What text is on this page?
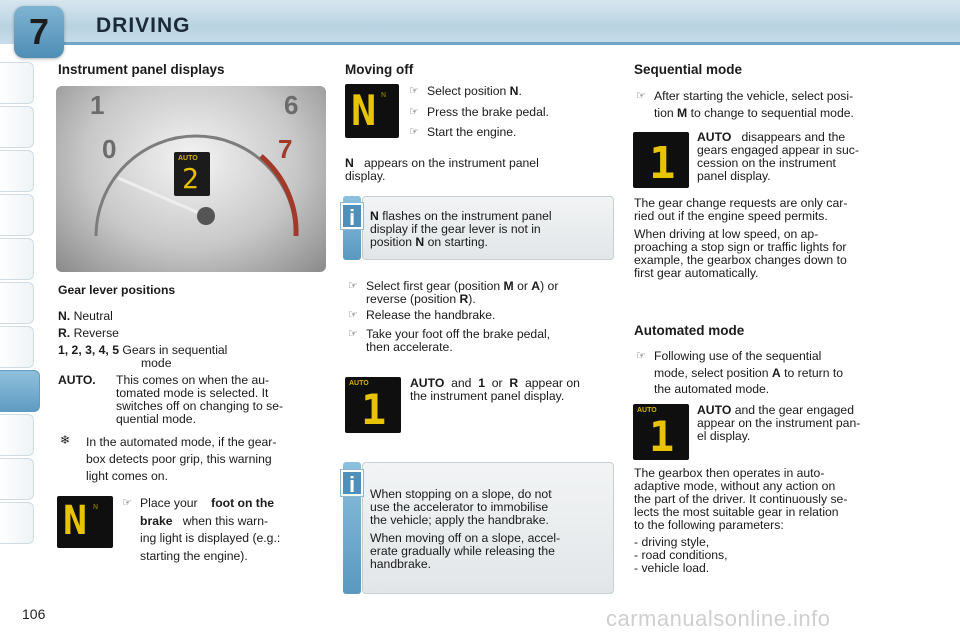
7	DRIVING
Instrument panel displays
1	6
0	7
AUTO
2
Gear lever positions
N. Neutral
R. Reverse
1, 2, 3, 4, 5 Gears in sequential
mode
AUTO. This comes on when the au-
tomated mode is selected. It
switches off on changing to se-
quential mode.
❄ In the automated mode, if the gear-
box detects poor grip, this warning
light comes on.
N N	☞ Place your foot on the
brake when this warn-
ing light is displayed (e.g.:
starting the engine).
Moving off
N N	☞ Select position N.
☞ Press the brake pedal.
☞ Start the engine.
N appears on the instrument panel
display.
i	N flashes on the instrument panel
display if the gear lever is not in
position N on starting.
☞ Select first gear (position M or A) or
reverse (position R).
☞ Release the handbrake.
☞ Take your foot off the brake pedal,
then accelerate.
AUTO
1
AUTO and 1 or R appear on
the instrument panel display.
i	When stopping on a slope, do not
use the accelerator to immobilise
the vehicle; apply the handbrake.
When moving off on a slope, accel-
erate gradually while releasing the
handbrake.
Sequential mode
☞ After starting the vehicle, select posi-
tion M to change to sequential mode.
1
AUTO disappears and the
gears engaged appear in suc-
cession on the instrument
panel display.
The gear change requests are only car-
ried out if the engine speed permits.
When driving at low speed, on ap-
proaching a stop sign or traffic lights for
example, the gearbox changes down to
first gear automatically.
Automated mode
☞ Following use of the sequential
mode, select position A to return to
the automated mode.
AUTO
1
AUTO and the gear engaged
appear on the instrument pan-
el display.
The gearbox then operates in auto-
adaptive mode, without any action on
the part of the driver. It continuously se-
lects the most suitable gear in relation
to the following parameters:
- driving style,
- road conditions,
- vehicle load.
106	carmanualsonline.info
